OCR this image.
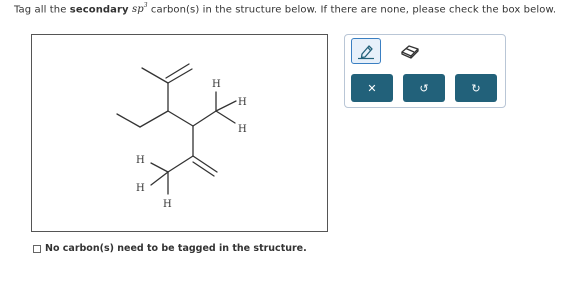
Tag all the secondary $sp^3$ carbon(s) in the structure below. If there are none, please check the box below.
H
H
H
H
H
H
No carbon(s) need to be tagged in the structure.
✕	↺	↻
